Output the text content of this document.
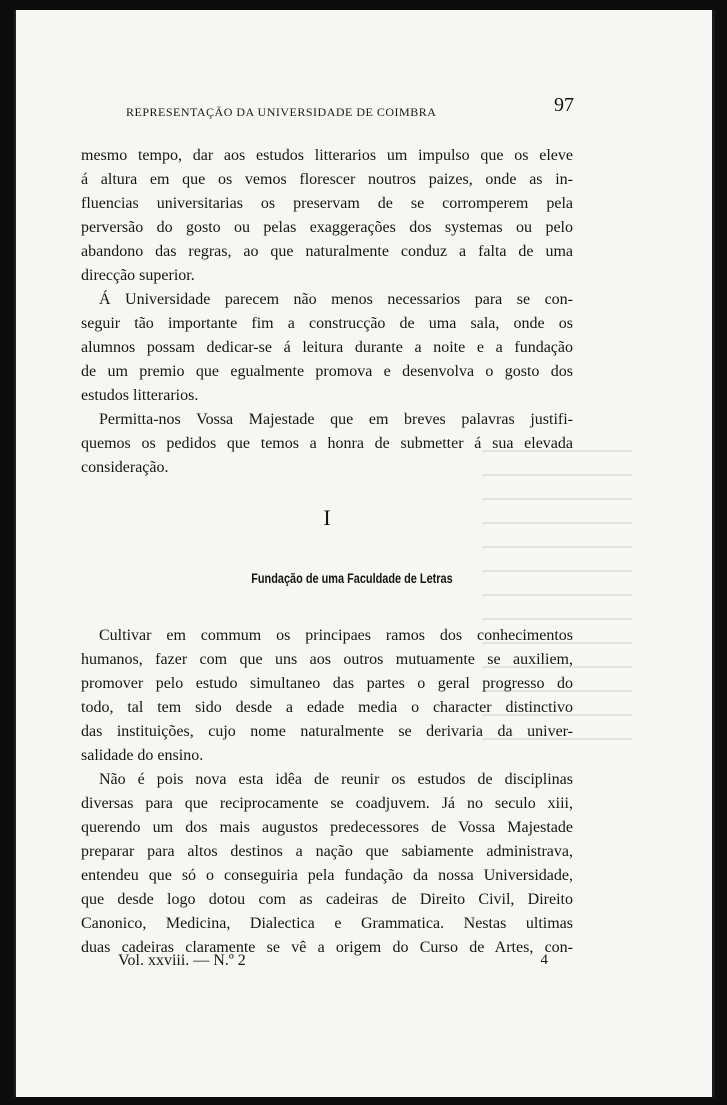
REPRESENTAÇÃO DA UNIVERSIDADE DE COIMBRA	97
mesmo tempo, dar aos estudos litterarios um impulso que os eleve
á altura em que os vemos florescer noutros paizes, onde as in-
fluencias universitarias os preservam de se corromperem pela
perversão do gosto ou pelas exaggerações dos systemas ou pelo
abandono das regras, ao que naturalmente conduz a falta de uma
direcção superior.
Á Universidade parecem não menos necessarios para se con-
seguir tão importante fim a construcção de uma sala, onde os
alumnos possam dedicar-se á leitura durante a noite e a fundação
de um premio que egualmente promova e desenvolva o gosto dos
estudos litterarios.
Permitta-nos Vossa Majestade que em breves palavras justifi-
quemos os pedidos que temos a honra de submetter á sua elevada
consideração.
I
Fundação de uma Faculdade de Letras
Cultivar em commum os principaes ramos dos conhecimentos
humanos, fazer com que uns aos outros mutuamente se auxiliem,
promover pelo estudo simultaneo das partes o geral progresso do
todo, tal tem sido desde a edade media o character distinctivo
das instituições, cujo nome naturalmente se derivaria da univer-
salidade do ensino.
Não é pois nova esta idêa de reunir os estudos de disciplinas
diversas para que reciprocamente se coadjuvem. Já no seculo xiii,
querendo um dos mais augustos predecessores de Vossa Majestade
preparar para altos destinos a nação que sabiamente administrava,
entendeu que só o conseguiria pela fundação da nossa Universidade,
que desde logo dotou com as cadeiras de Direito Civil, Direito
Canonico, Medicina, Dialectica e Grammatica. Nestas ultimas
duas cadeiras claramente se vê a origem do Curso de Artes, con-
Vol. xxviii. — N.º 2	4
